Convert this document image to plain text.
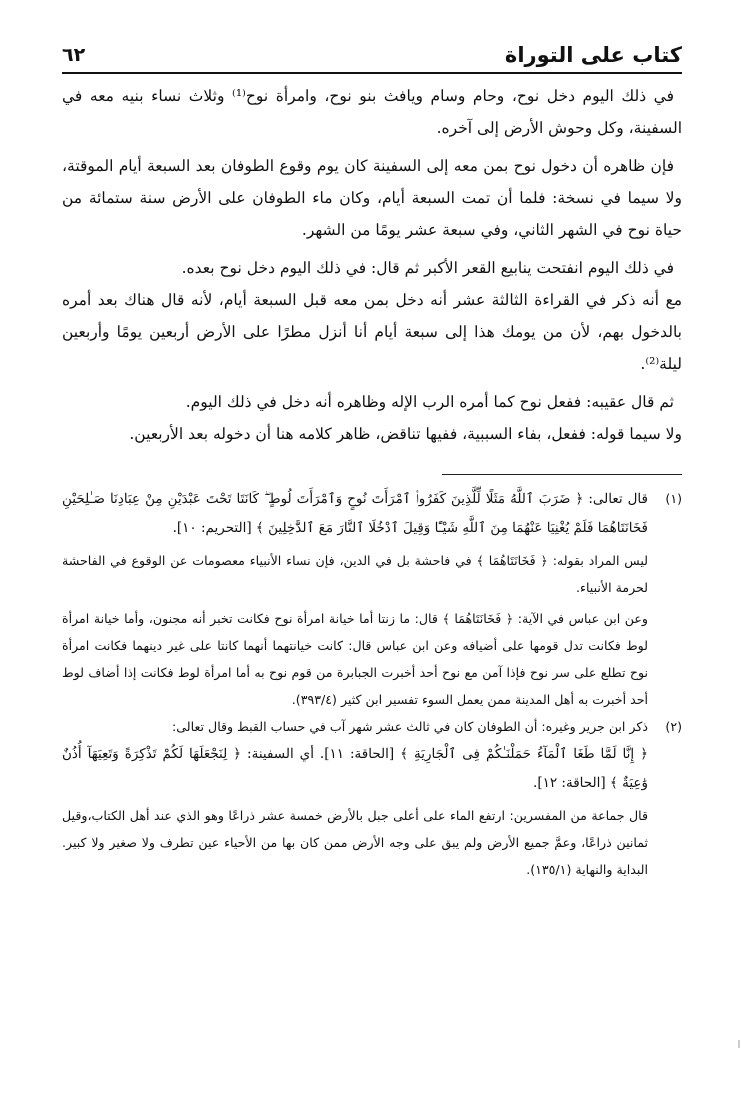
كتاب على التوراة
٦٢

في ذلك اليوم دخل نوح، وحام وسام ويافث بنو نوح، وامرأة نوح⁽¹⁾ وثلاث نساء بنيه معه في السفينة، وكل وحوش الأرض إلى آخره.

فإن ظاهره أن دخول نوح بمن معه إلى السفينة كان يوم وقوع الطوفان بعد السبعة أيام الموقتة، ولا سيما في نسخة: فلما أن تمت السبعة أيام، وكان ماء الطوفان على الأرض سنة ستمائة من حياة نوح في الشهر الثاني، وفي سبعة عشر يومًا من الشهر.

في ذلك اليوم انفتحت ينابيع القعر الأكبر ثم قال: في ذلك اليوم دخل نوح بعده.

مع أنه ذكر في القراءة الثالثة عشر أنه دخل بمن معه قبل السبعة أيام، لأنه قال هناك بعد أمره بالدخول بهم، لأن من يومك هذا إلى سبعة أيام أنا أنزل مطرًا على الأرض أربعين يومًا وأربعين ليلة⁽²⁾.

ثم قال عقيبه: ففعل نوح كما أمره الرب الإله وظاهره أنه دخل في ذلك اليوم.

ولا سيما قوله: ففعل، بفاء السببية، ففيها تناقض، ظاهر كلامه هنا أن دخوله بعد الأربعين.

(١)

قال تعالى: ﴿ ضَرَبَ ٱللَّهُ مَثَلًا لِّلَّذِينَ كَفَرُوا۟ ٱمْرَأَتَ نُوحٍ وَٱمْرَأَتَ لُوطٍ ۖ كَانَتَا تَحْتَ عَبْدَيْنِ مِنْ عِبَادِنَا صَـٰلِحَيْنِ فَخَانَتَاهُمَا فَلَمْ يُغْنِيَا عَنْهُمَا مِنَ ٱللَّهِ شَيْـًٔا وَقِيلَ ٱدْخُلَا ٱلنَّارَ مَعَ ٱلدَّٰخِلِينَ ﴾ [التحريم: ١٠].

ليس المراد بقوله: ﴿ فَخَانَتَاهُمَا ﴾ في فاحشة بل في الدين، فإن نساء الأنبياء معصومات عن الوقوع في الفاحشة لحرمة الأنبياء.

وعن ابن عباس في الآية: ﴿ فَخَانَتَاهُمَا ﴾ قال: ما زنتا أما خيانة امرأة نوح فكانت تخبر أنه مجنون، وأما خيانة امرأة لوط فكانت تدل قومها على أضيافه وعن ابن عباس قال: كانت خيانتهما أنهما كانتا على غير دينهما فكانت امرأة نوح تطلع على سر نوح فإذا آمن مع نوح أحد أخبرت الجبابرة من قوم نوح به أما امرأة لوط فكانت إذا أضاف لوط أحد أخبرت به أهل المدينة ممن يعمل السوء تفسير ابن كثير (٣٩٣/٤).

(٢)

ذكر ابن جرير وغيره: أن الطوفان كان في ثالث عشر شهر آب في حساب القبط وقال تعالى:

﴿ إِنَّا لَمَّا طَغَا ٱلْمَآءُ حَمَلْنَـٰكُمْ فِى ٱلْجَارِيَةِ ﴾ [الحاقة: ١١]. أي السفينة: ﴿ لِنَجْعَلَهَا لَكُمْ تَذْكِرَةً وَتَعِيَهَآ أُذُنٌ وَٰعِيَةٌ ﴾ [الحاقة: ١٢].

قال جماعة من المفسرين: ارتفع الماء على أعلى جبل بالأرض خمسة عشر ذراعًا وهو الذي عند أهل الكتاب،وقيل ثمانين ذراعًا، وعمَّ جميع الأرض ولم يبق على وجه الأرض ممن كان بها من الأحياء عين تطرف ولا صغير ولا كبير. البداية والنهاية (١٣٥/١).
